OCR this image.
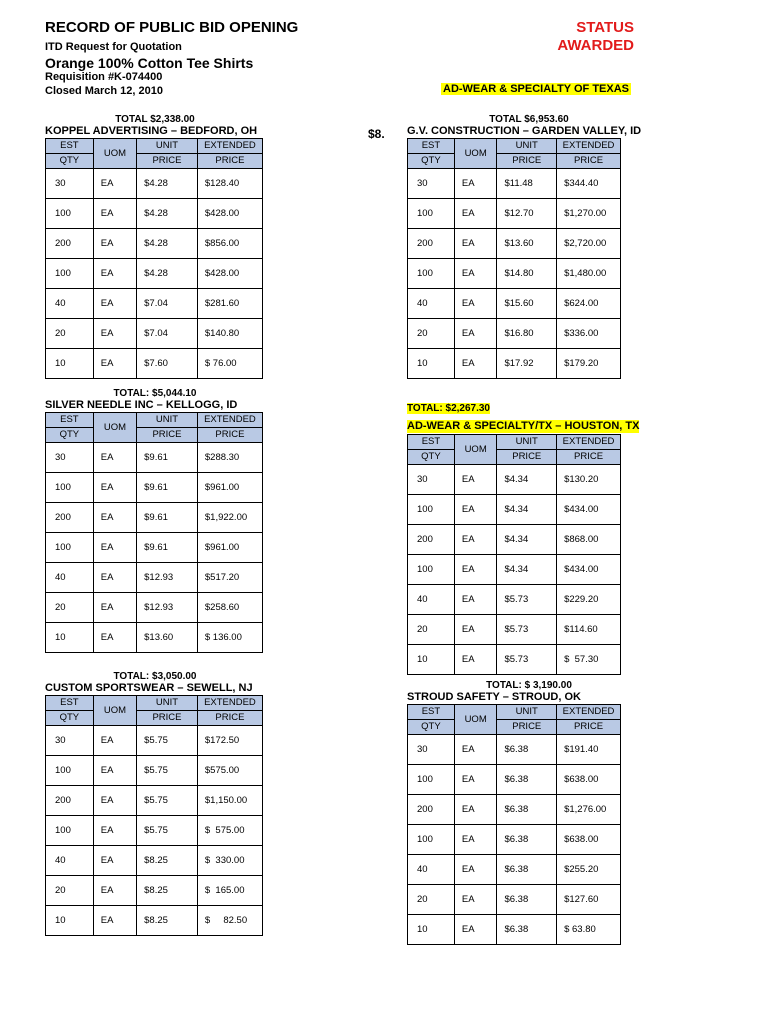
RECORD OF PUBLIC BID OPENING
ITD Request for Quotation
Orange 100% Cotton Tee Shirts
Requisition #K-074400
Closed March 12, 2010
STATUS
AWARDED
AD-WEAR & SPECIALTY OF TEXAS
$8.
TOTAL $2,338.00
KOPPEL ADVERTISING – BEDFORD, OH
EST	UOM	UNIT	EXTENDED
QTY		PRICE	PRICE
30	EA	$4.28	$128.40
100	EA	$4.28	$428.00
200	EA	$4.28	$856.00
100	EA	$4.28	$428.00
40	EA	$7.04	$281.60
20	EA	$7.04	$140.80
10	EA	$7.60	$ 76.00
TOTAL: $5,044.10
SILVER NEEDLE INC – KELLOGG, ID
EST	UOM	UNIT	EXTENDED
QTY		PRICE	PRICE
30	EA	$9.61	$288.30
100	EA	$9.61	$961.00
200	EA	$9.61	$1,922.00
100	EA	$9.61	$961.00
40	EA	$12.93	$517.20
20	EA	$12.93	$258.60
10	EA	$13.60	$ 136.00
TOTAL: $3,050.00
CUSTOM SPORTSWEAR – SEWELL, NJ
EST	UOM	UNIT	EXTENDED
QTY		PRICE	PRICE
30	EA	$5.75	$172.50
100	EA	$5.75	$575.00
200	EA	$5.75	$1,150.00
100	EA	$5.75	$  575.00
40	EA	$8.25	$  330.00
20	EA	$8.25	$  165.00
10	EA	$8.25	$     82.50
TOTAL $6,953.60
G.V. CONSTRUCTION – GARDEN VALLEY, ID
EST	UOM	UNIT	EXTENDED
QTY		PRICE	PRICE
30	EA	$11.48	$344.40
100	EA	$12.70	$1,270.00
200	EA	$13.60	$2,720.00
100	EA	$14.80	$1,480.00
40	EA	$15.60	$624.00
20	EA	$16.80	$336.00
10	EA	$17.92	$179.20
TOTAL: $2,267.30AD-WEAR & SPECIALTY/TX – HOUSTON, TX
EST	UOM	UNIT	EXTENDED
QTY		PRICE	PRICE
30	EA	$4.34	$130.20
100	EA	$4.34	$434.00
200	EA	$4.34	$868.00
100	EA	$4.34	$434.00
40	EA	$5.73	$229.20
20	EA	$5.73	$114.60
10	EA	$5.73	$  57.30
TOTAL: $ 3,190.00
STROUD SAFETY – STROUD, OK
EST	UOM	UNIT	EXTENDED
QTY		PRICE	PRICE
30	EA	$6.38	$191.40
100	EA	$6.38	$638.00
200	EA	$6.38	$1,276.00
100	EA	$6.38	$638.00
40	EA	$6.38	$255.20
20	EA	$6.38	$127.60
10	EA	$6.38	$ 63.80
